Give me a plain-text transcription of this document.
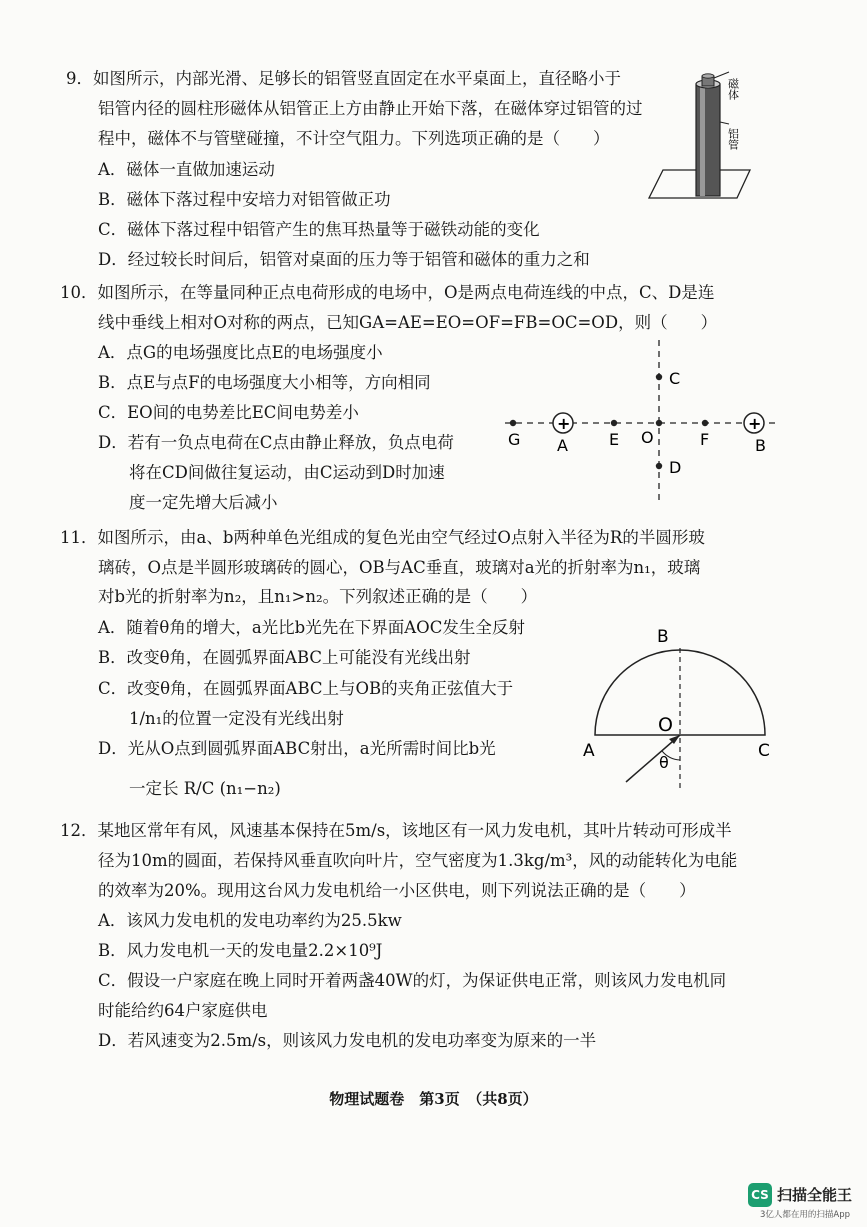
9．如图所示，内部光滑、足够长的铝管竖直固定在水平桌面上，直径略小于
铝管内径的圆柱形磁体从铝管正上方由静止开始下落，在磁体穿过铝管的过
程中，磁体不与管壁碰撞，不计空气阻力。下列选项正确的是（　　）
A．磁体一直做加速运动
B．磁体下落过程中安培力对铝管做正功
C．磁体下落过程中铝管产生的焦耳热量等于磁铁动能的变化
D．经过较长时间后，铝管对桌面的压力等于铝管和磁体的重力之和
磁体
铝管
10．如图所示，在等量同种正点电荷形成的电场中，O是两点电荷连线的中点，C、D是连
线中垂线上相对O对称的两点，已知GA=AE=EO=OF=FB=OC=OD，则（　　）
A．点G的电场强度比点E的电场强度小
B．点E与点F的电场强度大小相等，方向相同
C．EO间的电势差比EC间电势差小
D．若有一负点电荷在C点由静止释放，负点电荷
将在CD间做往复运动，由C运动到D时加速
度一定先增大后减小
+	+
G A	E O	F	B
C
D
11．如图所示，由a、b两种单色光组成的复色光由空气经过O点射入半径为R的半圆形玻
璃砖，O点是半圆形玻璃砖的圆心，OB与AC垂直，玻璃对a光的折射率为n₁，玻璃
对b光的折射率为n₂，且n₁>n₂。下列叙述正确的是（　　）
A．随着θ角的增大，a光比b光先在下界面AOC发生全反射
B．改变θ角，在圆弧界面ABC上可能没有光线出射
C．改变θ角，在圆弧界面ABC上与OB的夹角正弦值大于
1/n₁的位置一定没有光线出射
D．光从O点到圆弧界面ABC射出，a光所需时间比b光
一定长 R/C (n₁−n₂)
B
A
O
C
θ
12．某地区常年有风，风速基本保持在5m/s，该地区有一风力发电机，其叶片转动可形成半
径为10m的圆面，若保持风垂直吹向叶片，空气密度为1.3kg/m³，风的动能转化为电能
的效率为20%。现用这台风力发电机给一小区供电，则下列说法正确的是（　　）
A．该风力发电机的发电功率约为25.5kw
B．风力发电机一天的发电量2.2×10⁹J
C．假设一户家庭在晚上同时开着两盏40W的灯，为保证供电正常，则该风力发电机同
时能给约64户家庭供电
D．若风速变为2.5m/s，则该风力发电机的发电功率变为原来的一半
物理试题卷　第3页　（共8页）
CS 扫描全能王
3亿人都在用的扫描App
